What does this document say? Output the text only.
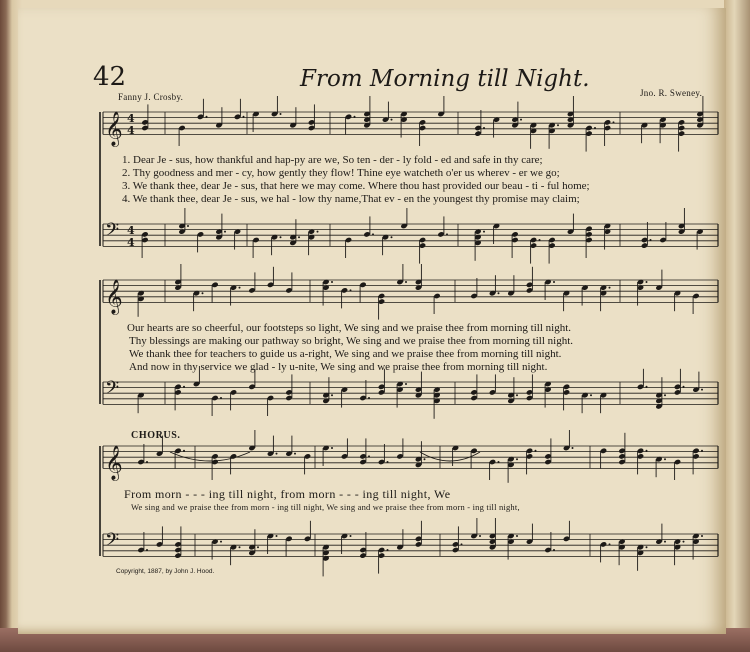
𝄞 4
4
𝄢 4
4
𝄞
𝄢
𝄞
𝄢
42	From Morning till Night.
Fanny J. Crosby.	Jno. R. Sweney.
1. Dear Je - sus, how thankful and hap-py are we, So ten - der - ly fold - ed and safe in thy care;
2. Thy goodness and mer - cy, how gently they flow! Thine eye watcheth o'er us wherev - er we go;
3. We thank thee, dear Je - sus, that here we may come. Where thou hast provided our beau - ti - ful home;
4. We thank thee, dear Je - sus, we hal - low thy name,That ev - en the youngest thy promise may claim;
Our hearts are so cheerful, our footsteps so light, We sing and we praise thee from morning till night.
Thy blessings are making our pathway so bright, We sing and we praise thee from morning till night.
We thank thee for teachers to guide us a-right, We sing and we praise thee from morning till night.
And now in thy service we glad - ly u-nite, We sing and we praise thee from morning till night.
CHORUS.
From morn - - - ing till night, from morn - - - ing till night, We
We sing and we praise thee from morn - ing till night, We sing and we praise thee from morn - ing till night,
Copyright, 1887, by John J. Hood.
